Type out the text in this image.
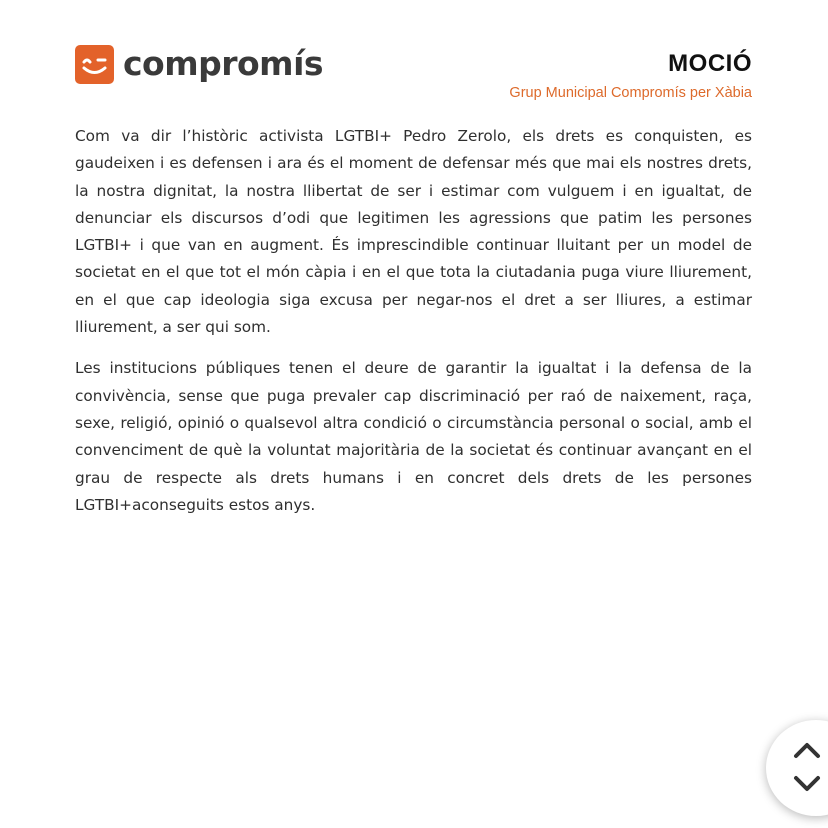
compromís	MOCIÓ
Grup Municipal Compromís per Xàbia

Com va dir l’històric activista LGTBI+ Pedro Zerolo, els drets es conquisten, es gaudeixen i es defensen i ara és el moment de defensar més que mai els nostres drets, la nostra dignitat, la nostra llibertat de ser i estimar com vulguem i en igualtat, de denunciar els discursos d’odi que legitimen les agressions que patim les persones LGTBI+ i que van en augment. És imprescindible continuar lluitant per un model de societat en el que tot el món càpia i en el que tota la ciutadania puga viure lliurement, en el que cap ideologia siga excusa per negar-nos el dret a ser lliures, a estimar lliurement, a ser qui som.

Les institucions públiques tenen el deure de garantir la igualtat i la defensa de la convivència, sense que puga prevaler cap discriminació per raó de naixement, raça, sexe, religió, opinió o qualsevol altra condició o circumstància personal o social, amb el convenciment de què la voluntat majoritària de la societat és continuar avançant en el grau de respecte als drets humans i en concret dels drets de les persones LGTBI+aconseguits estos anys.
